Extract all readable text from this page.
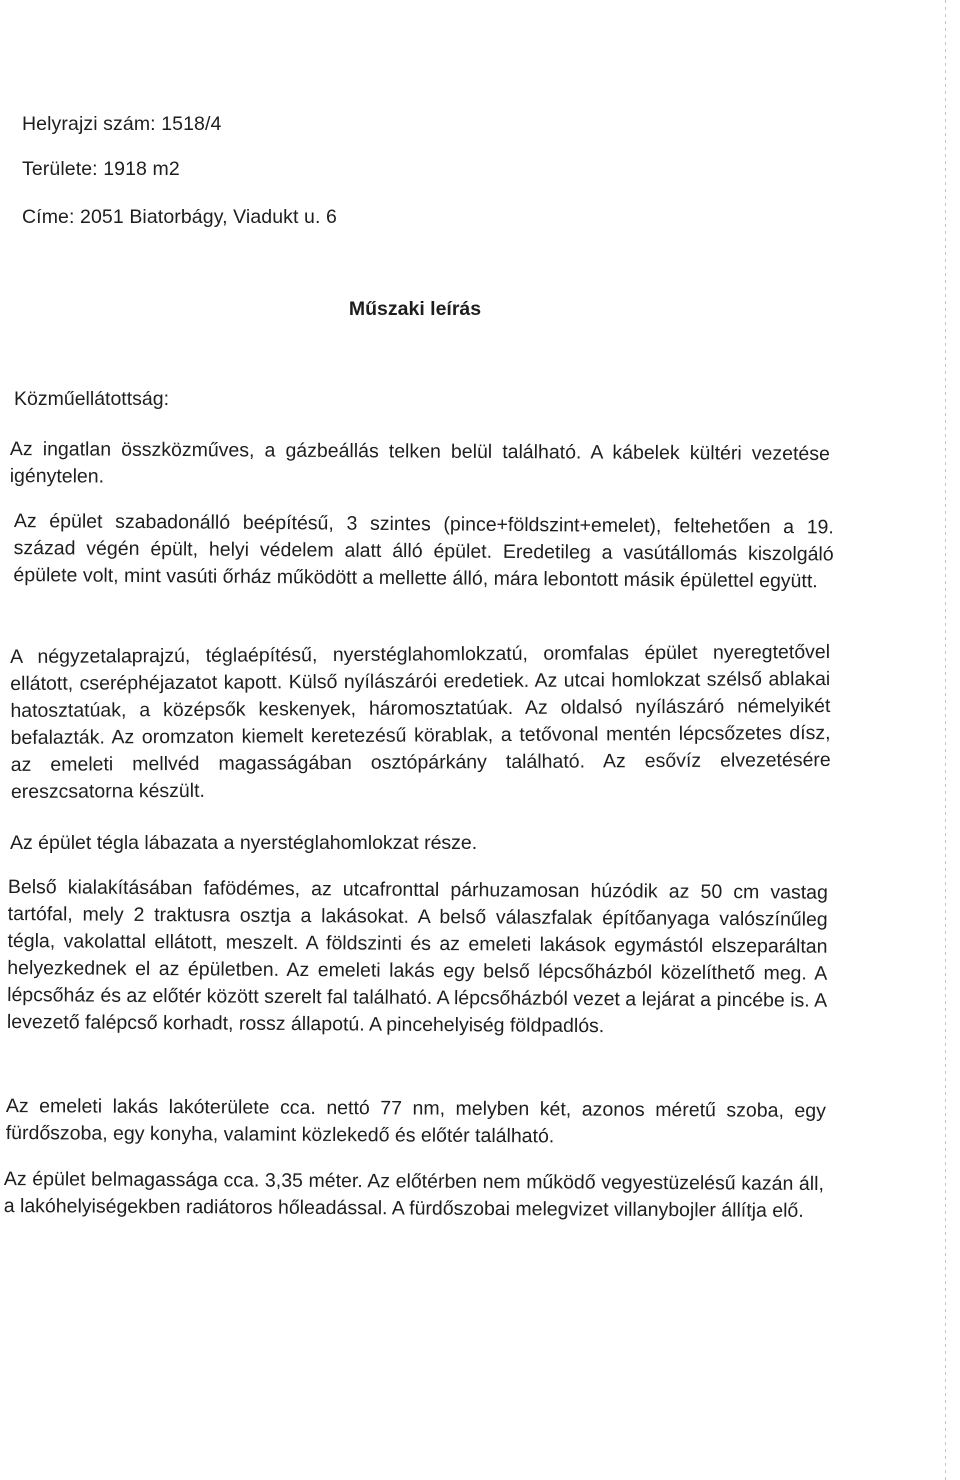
Helyrajzi szám: 1518/4
Területe: 1918 m2
Címe: 2051 Biatorbágy, Viadukt u. 6
Műszaki leírás
Közműellátottság:

Az ingatlan összközműves, a gázbeállás telken belül található. A kábelek kültéri vezetése igénytelen.

Az épület szabadonálló beépítésű, 3 szintes (pince+földszint+emelet), feltehetően a 19. század végén épült, helyi védelem alatt álló épület. Eredetileg a vasútállomás kiszolgáló épülete volt, mint vasúti őrház működött a mellette álló, mára lebontott másik épülettel együtt.

A négyzetalaprajzú, téglaépítésű, nyerstéglahomlokzatú, oromfalas épület nyeregtetővel ellátott, cseréphéjazatot kapott. Külső nyílászárói eredetiek. Az utcai homlokzat szélső ablakai hatosztatúak, a középsők keskenyek, háromosztatúak. Az oldalsó nyílászáró némelyikét befalazták. Az oromzaton kiemelt keretezésű körablak, a tetővonal mentén lépcsőzetes dísz, az emeleti mellvéd magasságában osztópárkány található. Az esővíz elvezetésére ereszcsatorna készült.

Az épület tégla lábazata a nyerstéglahomlokzat része.

Belső kialakításában faföd​émes, az utcafronttal párhuzamosan húzódik az 50 cm vastag tartófal, mely 2 traktusra osztja a lakásokat. A belső válaszfalak építőanyaga valószínűleg tégla, vakolattal ellátott, meszelt. A földszinti és az emeleti lakások egymástól elszeparáltan helyezkednek el az épületben. Az emeleti lakás egy belső lépcsőházból közelíthető meg. A lépcsőház és az előtér között szerelt fal található. A lépcsőházból vezet a lejárat a pincébe is. A levezető falépcső korhadt, rossz állapotú. A pincehelyiség földpadlós.

Az emeleti lakás lakóterülete cca. nettó 77 nm, melyben két, azonos méretű szoba, egy fürdőszoba, egy konyha, valamint közlekedő és előtér található.

Az épület belmagassága cca. 3,35 méter. Az előtérben nem működő vegyestüzelésű kazán áll, a lakóhelyiségekben radiátoros hőleadással. A fürdőszobai melegvizet villanybojler állítja elő.
